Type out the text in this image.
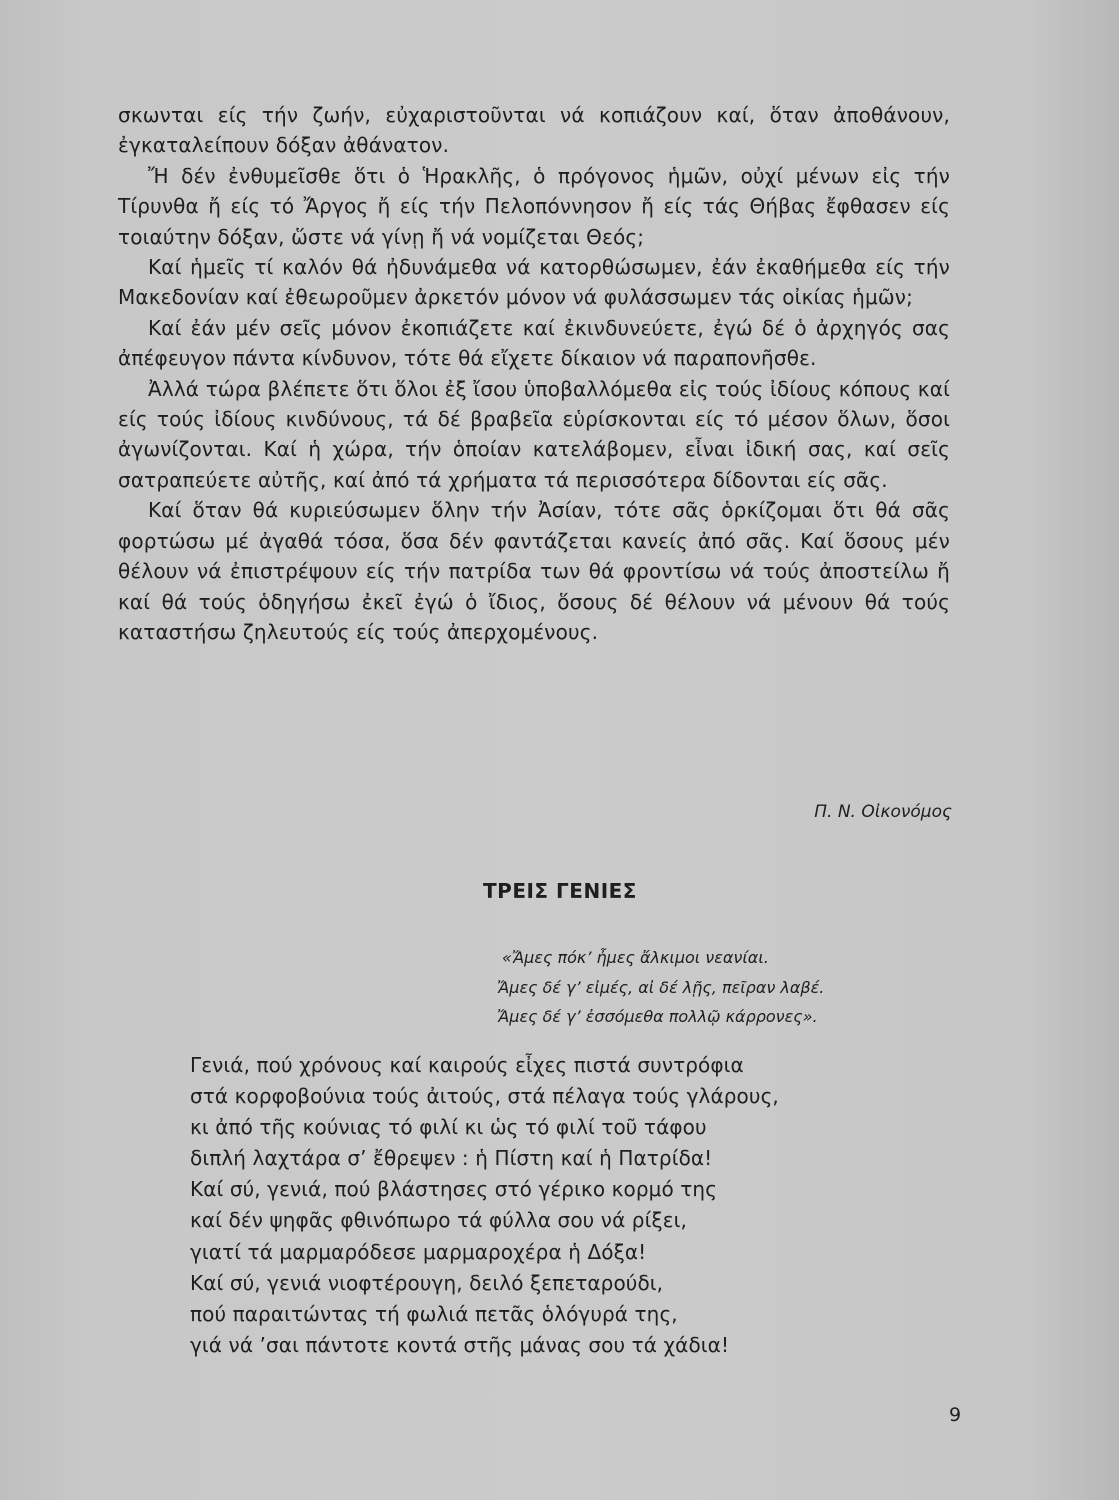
σκωνται είς τήν ζωήν, εὐχαριστοῦνται νά κοπιάζουν καί, ὅταν ἀποθάνουν, ἐγκαταλείπουν δόξαν ἀθάνατον.

Ἤ δέν ἐνθυμεῖσθε ὅτι ὁ Ἡρακλῆς, ὁ πρόγονος ἡμῶν, οὐχί μένων εἰς τήν Τίρυνθα ἤ είς τό Ἄργος ἤ είς τήν Πελοπόννησον ἤ είς τάς Θήβας ἔφθασεν είς τοιαύτην δόξαν, ὥστε νά γίνῃ ἤ νά νομίζεται Θεός;

Καί ἡμεῖς τί καλόν θά ἠδυνάμεθα νά κατορθώσωμεν, ἐάν ἐκαθήμεθα είς τήν Μακεδονίαν καί ἐθεωροῦμεν ἀρκετόν μόνον νά φυλάσσωμεν τάς οἰκίας ἡμῶν;

Καί ἐάν μέν σεῖς μόνον ἐκοπιάζετε καί ἐκινδυνεύετε, ἐγώ δέ ὁ ἀρχηγός σας ἀπέφευγον πάντα κίνδυνον, τότε θά εἴχετε δίκαιον νά παραπονῆσθε.

Ἀλλά τώρα βλέπετε ὅτι ὅλοι ἐξ ἴσου ὑποβαλλόμεθα εἰς τούς ἰδίους κόπους καί είς τούς ἰδίους κινδύνους, τά δέ βραβεῖα εὑρίσκονται είς τό μέσον ὅλων, ὅσοι ἀγωνίζονται. Καί ἡ χώρα, τήν ὁποίαν κατελάβομεν, εἶναι ἰδική σας, καί σεῖς σατραπεύετε αὐτῆς, καί ἀπό τά χρήματα τά περισσότερα δίδονται είς σᾶς.

Καί ὅταν θά κυριεύσωμεν ὅλην τήν Ἀσίαν, τότε σᾶς ὁρκίζομαι ὅτι θά σᾶς φορτώσω μέ ἀγαθά τόσα, ὅσα δέν φαντάζεται κανείς ἀπό σᾶς. Καί ὅσους μέν θέλουν νά ἐπιστρέψουν είς τήν πατρίδα των θά φροντίσω νά τούς ἀποστείλω ἤ καί θά τούς ὁδηγήσω ἐκεῖ ἐγώ ὁ ἴδιος, ὅσους δέ θέλουν νά μένουν θά τούς καταστήσω ζηλευτούς είς τούς ἀπερχομένους.

Π. Ν. Οἰκονόμος
ΤΡΕΙΣ ΓΕΝΙΕΣ
«Ἄμες πόκ’ ἦμες ἄλκιμοι νεανίαι.
Ἄμες δέ γ’ εἰμές, αἰ δέ λῇς, πεῖραν λαβέ.
Ἄμες δέ γ’ ἐσσόμεθα πολλῷ κάρρονες».
Γενιά, πού χρόνους καί καιρούς εἶχες πιστά συντρόφια
στά κορφοβούνια τούς ἀιτούς, στά πέλαγα τούς γλάρους,
κι ἀπό τῆς κούνιας τό φιλί κι ὡς τό φιλί τοῦ τάφου
διπλή λαχτάρα σ’ ἔθρεψεν : ἡ Πίστη καί ἡ Πατρίδα!
Καί σύ, γενιά, πού βλάστησες στό γέρικο κορμό της
καί δέν ψηφᾶς φθινόπωρο τά φύλλα σου νά ρίξει,
γιατί τά μαρμαρόδεσε μαρμαροχέρα ἡ Δόξα!
Καί σύ, γενιά νιοφτέρουγη, δειλό ξεπεταρούδι,
πού παραιτώντας τή φωλιά πετᾶς ὁλόγυρά της,
γιά νά ’σαι πάντοτε κοντά στῆς μάνας σου τά χάδια!
9
